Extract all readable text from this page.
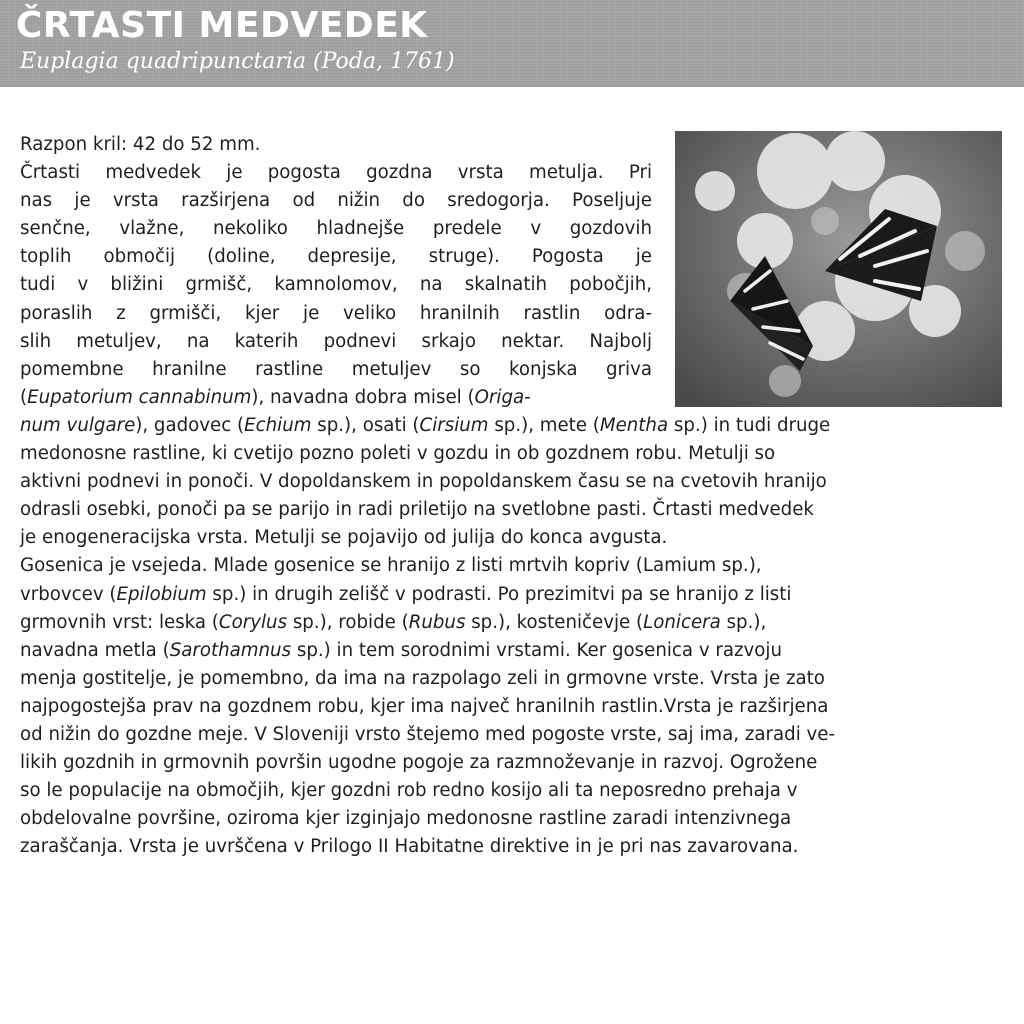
ČRTASTI MEDVEDEK
Euplagia quadripunctaria (Poda, 1761)
Razpon kril: 42 do 52 mm.
Črtasti medvedek je pogosta gozdna vrsta metulja. Pri
nas je vrsta razširjena od nižin do sredogorja. Poseljuje
senčne, vlažne, nekoliko hladnejše predele v gozdovih
toplih območij (doline, depresije, struge). Pogosta je
tudi v bližini grmišč, kamnolomov, na skalnatih pobočjih,
poraslih z grmišči, kjer je veliko hranilnih rastlin odra-
slih metuljev, na katerih podnevi srkajo nektar. Najbolj
pomembne hranilne rastline metuljev so konjska griva
(Eupatorium cannabinum), navadna dobra misel (Origa-
num vulgare), gadovec (Echium sp.), osati (Cirsium sp.), mete (Mentha sp.) in tudi druge
medonosne rastline, ki cvetijo pozno poleti v gozdu in ob gozdnem robu. Metulji so
aktivni podnevi in ponoči. V dopoldanskem in popoldanskem času se na cvetovih hranijo
odrasli osebki, ponoči pa se parijo in radi priletijo na svetlobne pasti. Črtasti medvedek
je enogeneracijska vrsta. Metulji se pojavijo od julija do konca avgusta.
Gosenica je vsejeda. Mlade gosenice se hranijo z listi mrtvih kopriv (Lamium sp.),
vrbovcev (Epilobium sp.) in drugih zelišč v podrasti. Po prezimitvi pa se hranijo z listi
grmovnih vrst: leska (Corylus sp.), robide (Rubus sp.), kosteničevje (Lonicera sp.),
navadna metla (Sarothamnus sp.) in tem sorodnimi vrstami. Ker gosenica v razvoju
menja gostitelje, je pomembno, da ima na razpolago zeli in grmovne vrste. Vrsta je zato
najpogostejša prav na gozdnem robu, kjer ima največ hranilnih rastlin.Vrsta je razširjena
od nižin do gozdne meje. V Sloveniji vrsto štejemo med pogoste vrste, saj ima, zaradi ve-
likih gozdnih in grmovnih površin ugodne pogoje za razmnoževanje in razvoj. Ogrožene
so le populacije na območjih, kjer gozdni rob redno kosijo ali ta neposredno prehaja v
obdelovalne površine, oziroma kjer izginjajo medonosne rastline zaradi intenzivnega
zaraščanja. Vrsta je uvrščena v Prilogo II Habitatne direktive in je pri nas zavarovana.
